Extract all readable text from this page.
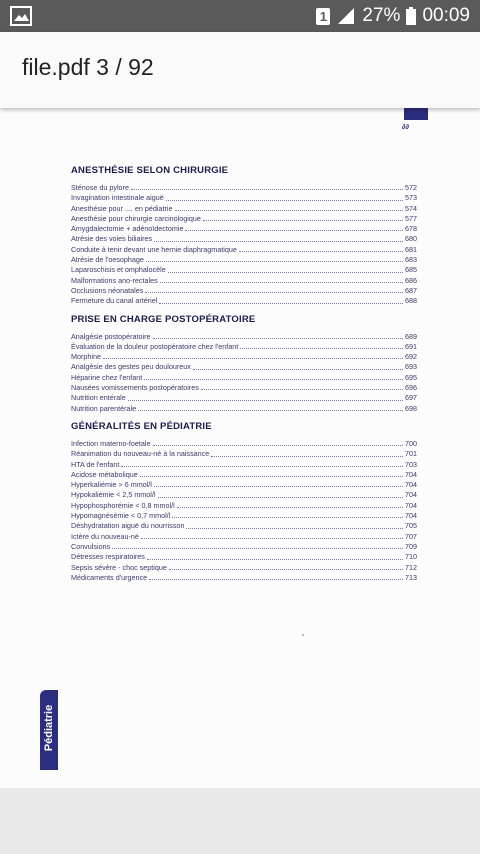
1 27% 00:09
file.pdf 3 / 92
∂∂
ANESTHÉSIE SELON CHIRURGIE
Sténose du pylore	572
Invagination intestinale aiguë	573
Anesthésie pour .... en pédiatrie	574
Anesthésie pour chirurgie carcinologique	577
Amygdalectomie + adénoïdectomie	678
Atrésie des voies biliaires	680
Conduite à tenir devant une hernie diaphragmatique	681
Atrésie de l'oesophage	683
Laparoschisis et omphalocèle	685
Malformations ano-rectales	686
Occlusions néonatales	687
Fermeture du canal artériel	688
PRISE EN CHARGE POSTOPÉRATOIRE
Analgésie postopératoire	689
Évaluation de la douleur postopératoire chez l'enfant	691
Morphine	692
Analgésie des gestes peu douloureux	693
Héparine chez l'enfant	695
Nausées vomissements postopératoires	696
Nutrition entérale	697
Nutrition parentérale	698
GÉNÉRALITÉS EN PÉDIATRIE
Infection materno-foetale	700
Réanimation du nouveau-né à la naissance	701
HTA de l'enfant	703
Acidose métabolique	704
Hyperkaliémie > 6 mmol/l	704
Hypokaliémie < 2,5 mmol/l	704
Hypophosphorémie < 0,8 mmol/l	704
Hypomagnésémie < 0,7 mmol/l	704
Déshydratation aiguë du nourrisson	705
Ictère du nouveau-né	707
Convulsions	709
Détresses respiratoires	710
Sepsis sévère - choc septique	712
Médicaments d'urgence	713
Pédiatrie
